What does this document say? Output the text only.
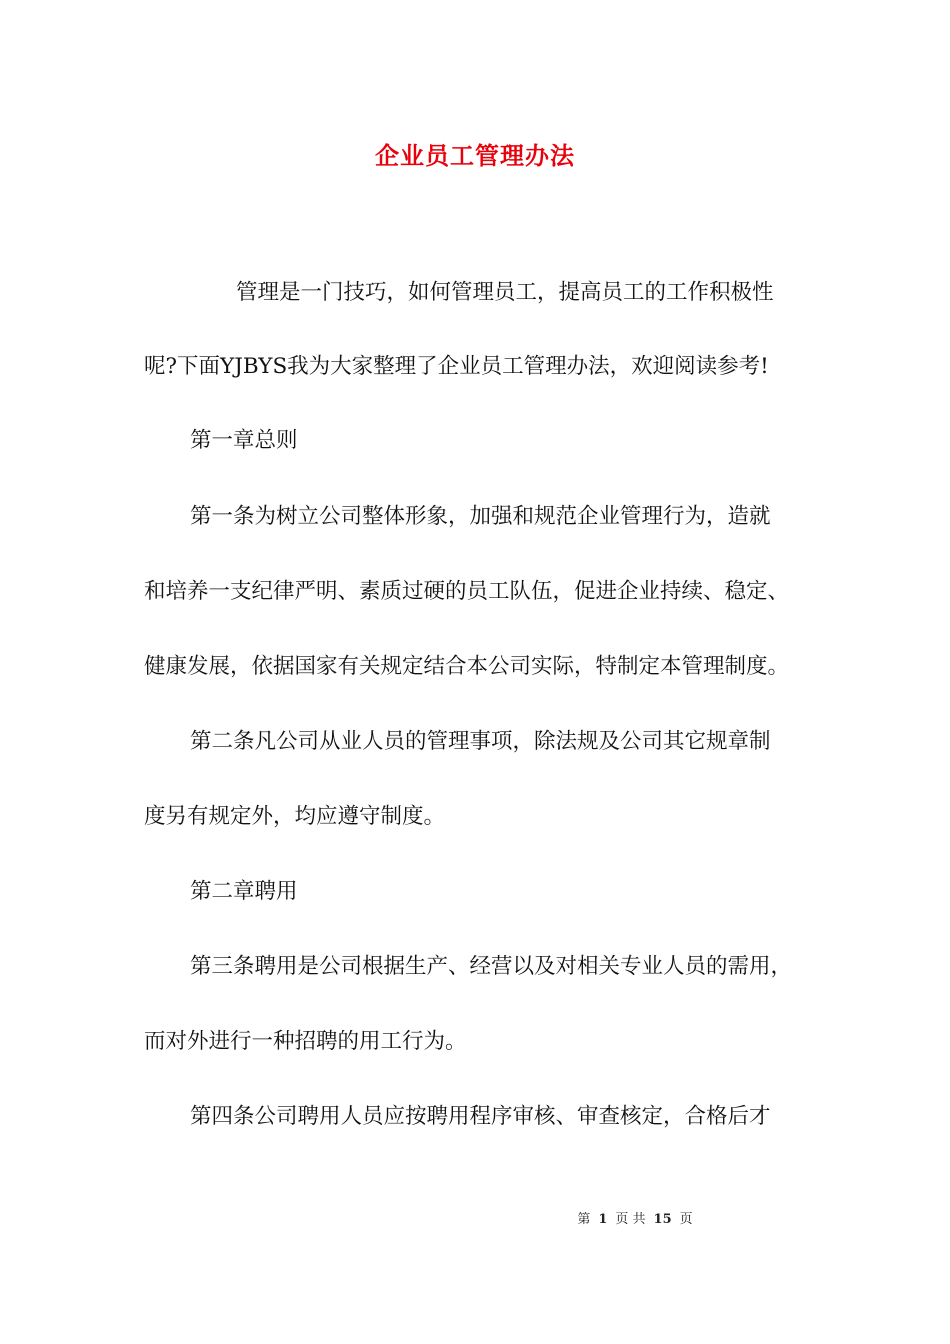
企业员工管理办法
管理是一门技巧，如何管理员工，提高员工的工作积极性
呢?下面YJBYS我为大家整理了企业员工管理办法，欢迎阅读参考!
第一章总则
第一条为树立公司整体形象，加强和规范企业管理行为，造就
和培养一支纪律严明、素质过硬的员工队伍，促进企业持续、稳定、
健康发展，依据国家有关规定结合本公司实际，特制定本管理制度。
第二条凡公司从业人员的管理事项，除法规及公司其它规章制
度另有规定外，均应遵守制度。
第二章聘用
第三条聘用是公司根据生产、经营以及对相关专业人员的需用，
而对外进行一种招聘的用工行为。
第四条公司聘用人员应按聘用程序审核、审查核定，合格后才
第 1 页 共 15 页
